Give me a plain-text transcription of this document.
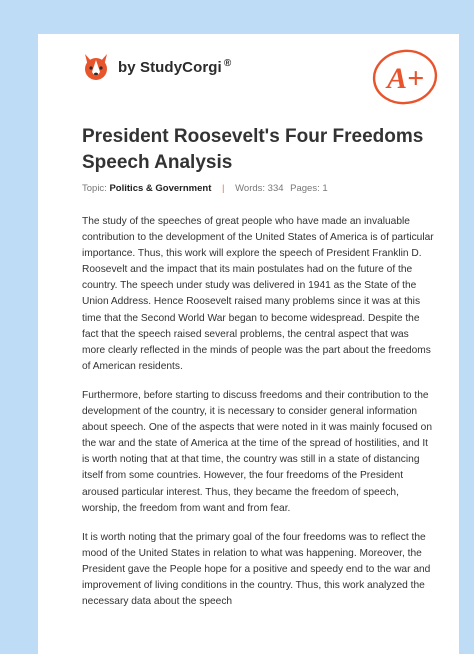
by StudyCorgi ®	A+
President Roosevelt's Four Freedoms Speech Analysis
Topic: Politics & Government | Words: 334 Pages: 1

The study of the speeches of great people who have made an invaluable contribution to the development of the United States of America is of particular importance. Thus, this work will explore the speech of President Franklin D. Roosevelt and the impact that its main postulates had on the future of the country. The speech under study was delivered in 1941 as the State of the Union Address. Hence Roosevelt raised many problems since it was at this time that the Second World War began to become widespread. Despite the fact that the speech raised several problems, the central aspect that was more clearly reflected in the minds of people was the part about the freedoms of American residents.

Furthermore, before starting to discuss freedoms and their contribution to the development of the country, it is necessary to consider general information about speech. One of the aspects that were noted in it was mainly focused on the war and the state of America at the time of the spread of hostilities, and It is worth noting that at that time, the country was still in a state of distancing itself from some countries. However, the four freedoms of the President aroused particular interest. Thus, they became the freedom of speech, worship, the freedom from want and from fear.

It is worth noting that the primary goal of the four freedoms was to reflect the mood of the United States in relation to what was happening. Moreover, the President gave the People hope for a positive and speedy end to the war and improvement of living conditions in the country. Thus, this work analyzed the necessary data about the speech
